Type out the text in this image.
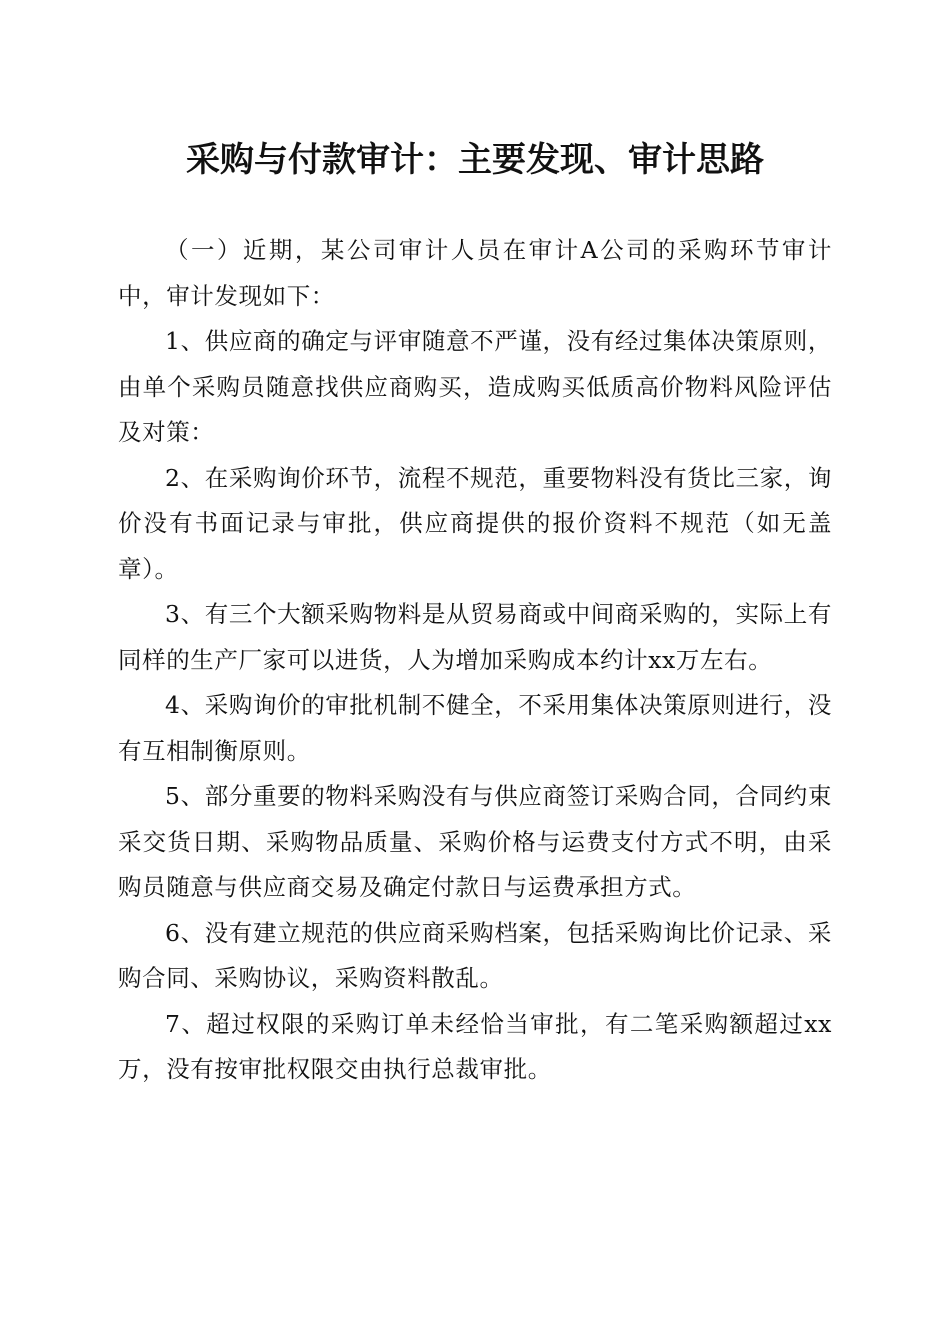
采购与付款审计：主要发现、审计思路

（一）近期，某公司审计人员在审计A公司的采购环节审计中，审计发现如下：

1、供应商的确定与评审随意不严谨，没有经过集体决策原则，由单个采购员随意找供应商购买，造成购买低质高价物料风险评估及对策：

2、在采购询价环节，流程不规范，重要物料没有货比三家，询价没有书面记录与审批，供应商提供的报价资料不规范（如无盖章）。

3、有三个大额采购物料是从贸易商或中间商采购的，实际上有同样的生产厂家可以进货，人为增加采购成本约计xx万左右。

4、采购询价的审批机制不健全，不采用集体决策原则进行，没有互相制衡原则。

5、部分重要的物料采购没有与供应商签订采购合同，合同约束采交货日期、采购物品质量、采购价格与运费支付方式不明，由采购员随意与供应商交易及确定付款日与运费承担方式。

6、没有建立规范的供应商采购档案，包括采购询比价记录、采购合同、采购协议，采购资料散乱。

7、超过权限的采购订单未经恰当审批，有二笔采购额超过xx万，没有按审批权限交由执行总裁审批。
